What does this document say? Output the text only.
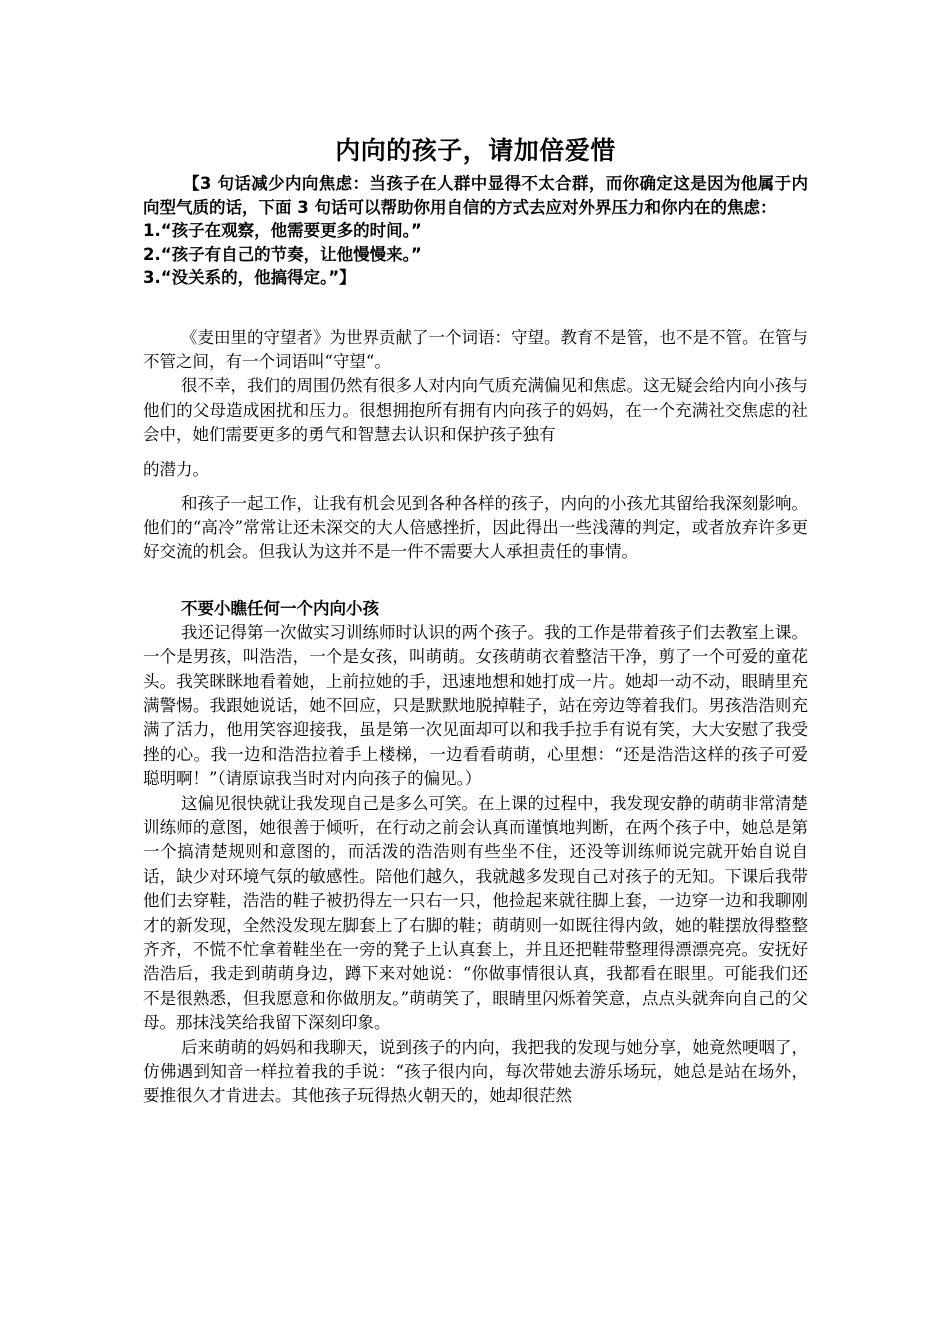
内向的孩子，请加倍爱惜

【3 句话减少内向焦虑：当孩子在人群中显得不太合群，而你确定这是因为他属于内向型气质的话，下面 3 句话可以帮助你用自信的方式去应对外界压力和你内在的焦虑：

1.“孩子在观察，他需要更多的时间。”

2.“孩子有自己的节奏，让他慢慢来。”

3.“没关系的，他搞得定。”】

《麦田里的守望者》为世界贡献了一个词语：守望。教育不是管，也不是不管。在管与不管之间，有一个词语叫“守望“。

很不幸，我们的周围仍然有很多人对内向气质充满偏见和焦虑。这无疑会给内向小孩与他们的父母造成困扰和压力。很想拥抱所有拥有内向孩子的妈妈，在一个充满社交焦虑的社会中，她们需要更多的勇气和智慧去认识和保护孩子独有

的潜力。

和孩子一起工作，让我有机会见到各种各样的孩子，内向的小孩尤其留给我深刻影响。他们的“高冷”常常让还未深交的大人倍感挫折，因此得出一些浅薄的判定，或者放弃许多更好交流的机会。但我认为这并不是一件不需要大人承担责任的事情。

不要小瞧任何一个内向小孩

我还记得第一次做实习训练师时认识的两个孩子。我的工作是带着孩子们去教室上课。一个是男孩，叫浩浩，一个是女孩，叫萌萌。女孩萌萌衣着整洁干净，剪了一个可爱的童花头。我笑眯眯地看着她，上前拉她的手，迅速地想和她打成一片。她却一动不动，眼睛里充满警惕。我跟她说话，她不回应，只是默默地脱掉鞋子，站在旁边等着我们。男孩浩浩则充满了活力，他用笑容迎接我，虽是第一次见面却可以和我手拉手有说有笑，大大安慰了我受挫的心。我一边和浩浩拉着手上楼梯，一边看看萌萌，心里想：“还是浩浩这样的孩子可爱聪明啊！”（请原谅我当时对内向孩子的偏见。）

这偏见很快就让我发现自己是多么可笑。在上课的过程中，我发现安静的萌萌非常清楚训练师的意图，她很善于倾听，在行动之前会认真而谨慎地判断，在两个孩子中，她总是第一个搞清楚规则和意图的，而活泼的浩浩则有些坐不住，还没等训练师说完就开始自说自话，缺少对环境气氛的敏感性。陪他们越久，我就越多发现自己对孩子的无知。下课后我带他们去穿鞋，浩浩的鞋子被扔得左一只右一只，他捡起来就往脚上套，一边穿一边和我聊刚才的新发现，全然没发现左脚套上了右脚的鞋；萌萌则一如既往得内敛，她的鞋摆放得整整齐齐，不慌不忙拿着鞋坐在一旁的凳子上认真套上，并且还把鞋带整理得漂漂亮亮。安抚好浩浩后，我走到萌萌身边，蹲下来对她说：“你做事情很认真，我都看在眼里。可能我们还不是很熟悉，但我愿意和你做朋友。”萌萌笑了，眼睛里闪烁着笑意，点点头就奔向自己的父母。那抹浅笑给我留下深刻印象。

后来萌萌的妈妈和我聊天，说到孩子的内向，我把我的发现与她分享，她竟然哽咽了，仿佛遇到知音一样拉着我的手说：“孩子很内向，每次带她去游乐场玩，她总是站在场外，要推很久才肯进去。其他孩子玩得热火朝天的，她却很茫然
